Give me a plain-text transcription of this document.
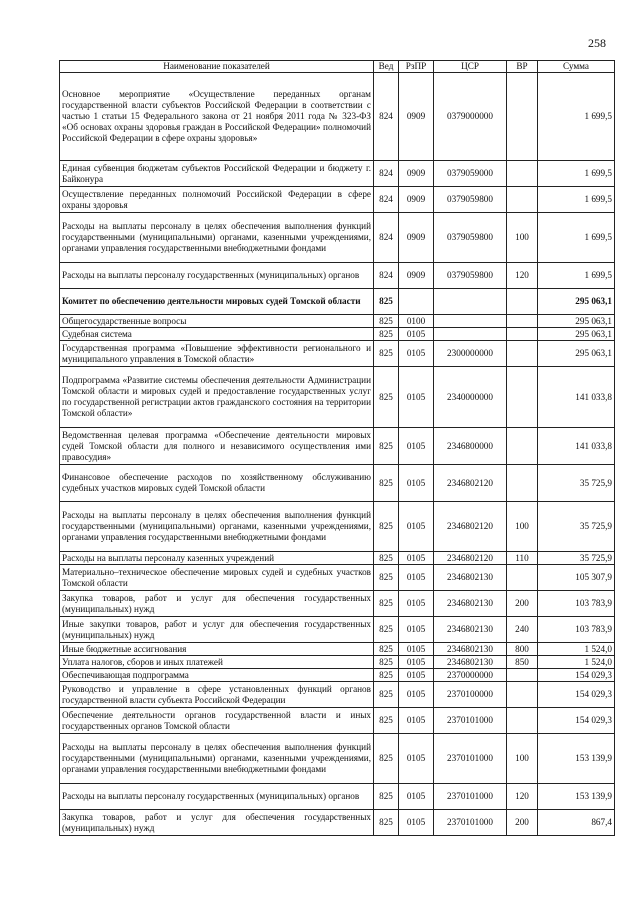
258
Наименование показателей	Вед	РзПР	ЦСР	ВР	Сумма
Основное мероприятие «Осуществление переданных органам государственной власти субъектов Российской Федерации в соответствии с частью 1 статьи 15 Федерального закона от 21 ноября 2011 года № 323-ФЗ «Об основах охраны здоровья граждан в Российской Федерации» полномочий Российской Федерации в сфере охраны здоровья»	824	0909	0379000000		1 699,5
Единая субвенция бюджетам субъектов Российской Федерации и бюджету г. Байконура	824	0909	0379059000		1 699,5
Осуществление переданных полномочий Российской Федерации в сфере охраны здоровья	824	0909	0379059800		1 699,5
Расходы на выплаты персоналу в целях обеспечения выполнения функций государственными (муниципальными) органами, казенными учреждениями, органами управления государственными внебюджетными фондами	824	0909	0379059800	100	1 699,5
Расходы на выплаты персоналу государственных (муниципальных) органов	824	0909	0379059800	120	1 699,5
Комитет по обеспечению деятельности мировых судей Томской области	825				295 063,1
Общегосударственные вопросы	825	0100			295 063,1
Судебная система	825	0105			295 063,1
Государственная программа «Повышение эффективности регионального и муниципального управления в Томской области»	825	0105	2300000000		295 063,1
Подпрограмма «Развитие системы обеспечения деятельности Администрации Томской области и мировых судей и предоставление государственных услуг по государственной регистрации актов гражданского состояния на территории Томской области»	825	0105	2340000000		141 033,8
Ведомственная целевая программа «Обеспечение деятельности мировых судей Томской области для полного и независимого осуществления ими правосудия»	825	0105	2346800000		141 033,8
Финансовое обеспечение расходов по хозяйственному обслуживанию судебных участков мировых судей Томской области	825	0105	2346802120		35 725,9
Расходы на выплаты персоналу в целях обеспечения выполнения функций государственными (муниципальными) органами, казенными учреждениями, органами управления государственными внебюджетными фондами	825	0105	2346802120	100	35 725,9
Расходы на выплаты персоналу казенных учреждений	825	0105	2346802120	110	35 725,9
Материально–техническое обеспечение мировых судей и судебных участков Томской области	825	0105	2346802130		105 307,9
Закупка товаров, работ и услуг для обеспечения государственных (муниципальных) нужд	825	0105	2346802130	200	103 783,9
Иные закупки товаров, работ и услуг для обеспечения государственных (муниципальных) нужд	825	0105	2346802130	240	103 783,9
Иные бюджетные ассигнования	825	0105	2346802130	800	1 524,0
Уплата налогов, сборов и иных платежей	825	0105	2346802130	850	1 524,0
Обеспечивающая подпрограмма	825	0105	2370000000		154 029,3
Руководство и управление в сфере установленных функций органов государственной власти субъекта Российской Федерации	825	0105	2370100000		154 029,3
Обеспечение деятельности органов государственной власти и иных государственных органов Томской области	825	0105	2370101000		154 029,3
Расходы на выплаты персоналу в целях обеспечения выполнения функций государственными (муниципальными) органами, казенными учреждениями, органами управления государственными внебюджетными фондами	825	0105	2370101000	100	153 139,9
Расходы на выплаты персоналу государственных (муниципальных) органов	825	0105	2370101000	120	153 139,9
Закупка товаров, работ и услуг для обеспечения государственных (муниципальных) нужд	825	0105	2370101000	200	867,4
